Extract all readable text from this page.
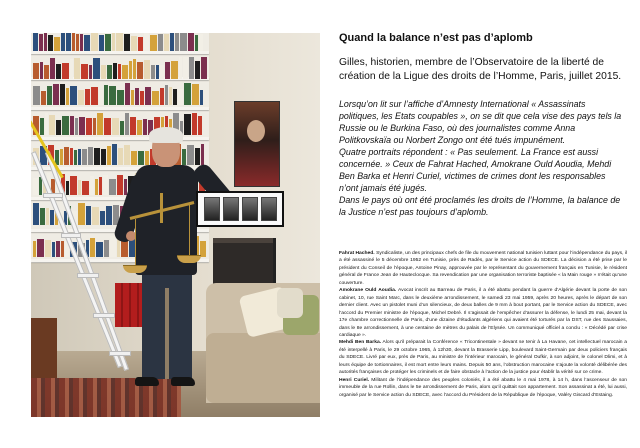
Quand la balance n’est pas d’aplomb
Gilles, historien, membre de l’Observatoire de la liberté de création de la Ligue des droits de l’Homme, Paris, juillet 2015.

Lorsqu’on lit sur l’affiche d’Amnesty International « Assassinats politiques, les Etats coupables », on se dit que cela vise des pays tels la Russie ou le Burkina Faso, où des journalistes comme Anna Politkovskaïa ou Norbert Zongo ont été tués impunément.

Quatre portraits répondent : « Pas seulement. La France est aussi concernée. » Ceux de Fahrat Hached, Amokrane Ould Aoudia, Mehdi Ben Barka et Henri Curiel, victimes de crimes dont les responsables n’ont jamais été jugés.

Dans le pays où ont été proclamés les droits de l’Homme, la balance de la Justice n’est pas toujours d’aplomb.

Fahrat Hached. Syndicaliste, un des principaux chefs de file du mouvement national tunisien luttant pour l’indépendance du pays, il a été assassiné le 5 décembre 1952 en Tunisie, près de Radès, par le Service action du SDECE. La décision a été prise par le président du Conseil de l’époque, Antoine Pinay, approuvée par le représentant du gouvernement français en Tunisie, le résident général de France Jean de Hauteclocque. Sa revendication par une organisation terroriste baptisée « la Main rouge » n’était qu’une couverture.

Amokrane Ould Aoudia. Avocat inscrit au Barreau de Paris, il a été abattu pendant la guerre d’Algérie devant la porte de son cabinet, 10, rue Saint Marc, dans le deuxième arrondissement, le samedi 23 mai 1959, après 20 heures, après le départ de son dernier client. Avec un pistolet muni d’un silencieux, de deux balles de 9 mm à bout portant, par le Service action du SDECE, avec l’accord du Premier ministre de l’époque, Michel Debré. Il s’agissait de l’empêcher d’assurer la défense, le lundi 25 mai, devant la 17e chambre correctionnelle de Paris, d’une dizaine d’étudiants algériens qui avaient été torturés par la DST, rue des Saussaies, dans le 8e arrondissement, à une centaine de mètres du palais de l’Elysée. Un communiqué officiel a conclu : « Décédé par crise cardiaque ».

Mehdi Ben Barka. Alors qu’il préparait la Conférence « Tricontinentale » devant se tenir à La Havane, cet intellectuel marocain a été interpellé à Paris, le 29 octobre 1965, à 12h30, devant la Brasserie Lipp, boulevard Saint-Germain par deux policiers français du SDECE. Livré par eux, près de Paris, au ministre de l’intérieur marocain, le général Oufkir, à son adjoint, le colonel Dlimi, et à leurs équipe de tortionnaires, il est mort entre leurs mains. Depuis 50 ans, l’obstruction marocaine s’ajoute la volonté délibérée des autorités françaises de protéger les criminels et de faire obstacle à l’action de la justice pour établir la vérité sur ce crime.

Henri Curiel. Militant de l’indépendance des peuples coloniés, il a été abattu le 4 mai 1978, à 14 h, dans l’ascenseur de son immeuble de la rue Rollin, dans le 5e arrondissement de Paris, alors qu’il quittait son appartement. Son assassinat a été, lui aussi, organisé par le Service action du SDECE, avec l’accord du Président de la République de l’époque, Valéry Giscard d’Estaing.
